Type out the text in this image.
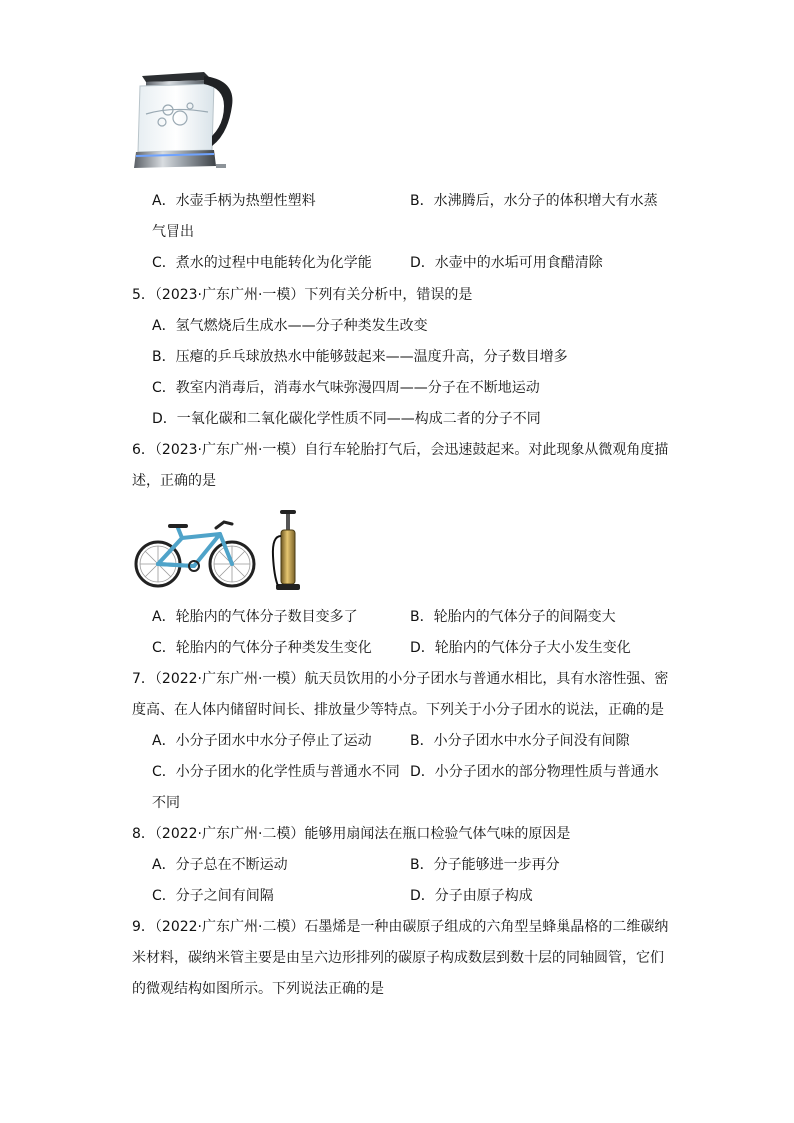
A．水壶手柄为热塑性塑料	B．水沸腾后，水分子的体积增大有水蒸
气冒出
C．煮水的过程中电能转化为化学能	D．水壶中的水垢可用食醋清除
5．（2023·广东广州·一模）下列有关分析中，错误的是
A．氢气燃烧后生成水——分子种类发生改变
B．压瘪的乒乓球放热水中能够鼓起来——温度升高，分子数目增多
C．教室内消毒后，消毒水气味弥漫四周——分子在不断地运动
D．一氧化碳和二氧化碳化学性质不同——构成二者的分子不同
6．（2023·广东广州·一模）自行车轮胎打气后，会迅速鼓起来。对此现象从微观角度描
述，正确的是
A．轮胎内的气体分子数目变多了	B．轮胎内的气体分子的间隔变大
C．轮胎内的气体分子种类发生变化	D．轮胎内的气体分子大小发生变化
7．（2022·广东广州·一模）航天员饮用的小分子团水与普通水相比，具有水溶性强、密
度高、在人体内储留时间长、排放量少等特点。下列关于小分子团水的说法，正确的是
A．小分子团水中水分子停止了运动	B．小分子团水中水分子间没有间隙
C．小分子团水的化学性质与普通水不同 D．小分子团水的部分物理性质与普通水
不同
8．（2022·广东广州·二模）能够用扇闻法在瓶口检验气体气味的原因是
A．分子总在不断运动	B．分子能够进一步再分
C．分子之间有间隔	D．分子由原子构成
9．（2022·广东广州·二模）石墨烯是一种由碳原子组成的六角型呈蜂巢晶格的二维碳纳
米材料，碳纳米管主要是由呈六边形排列的碳原子构成数层到数十层的同轴圆管，它们
的微观结构如图所示。下列说法正确的是
